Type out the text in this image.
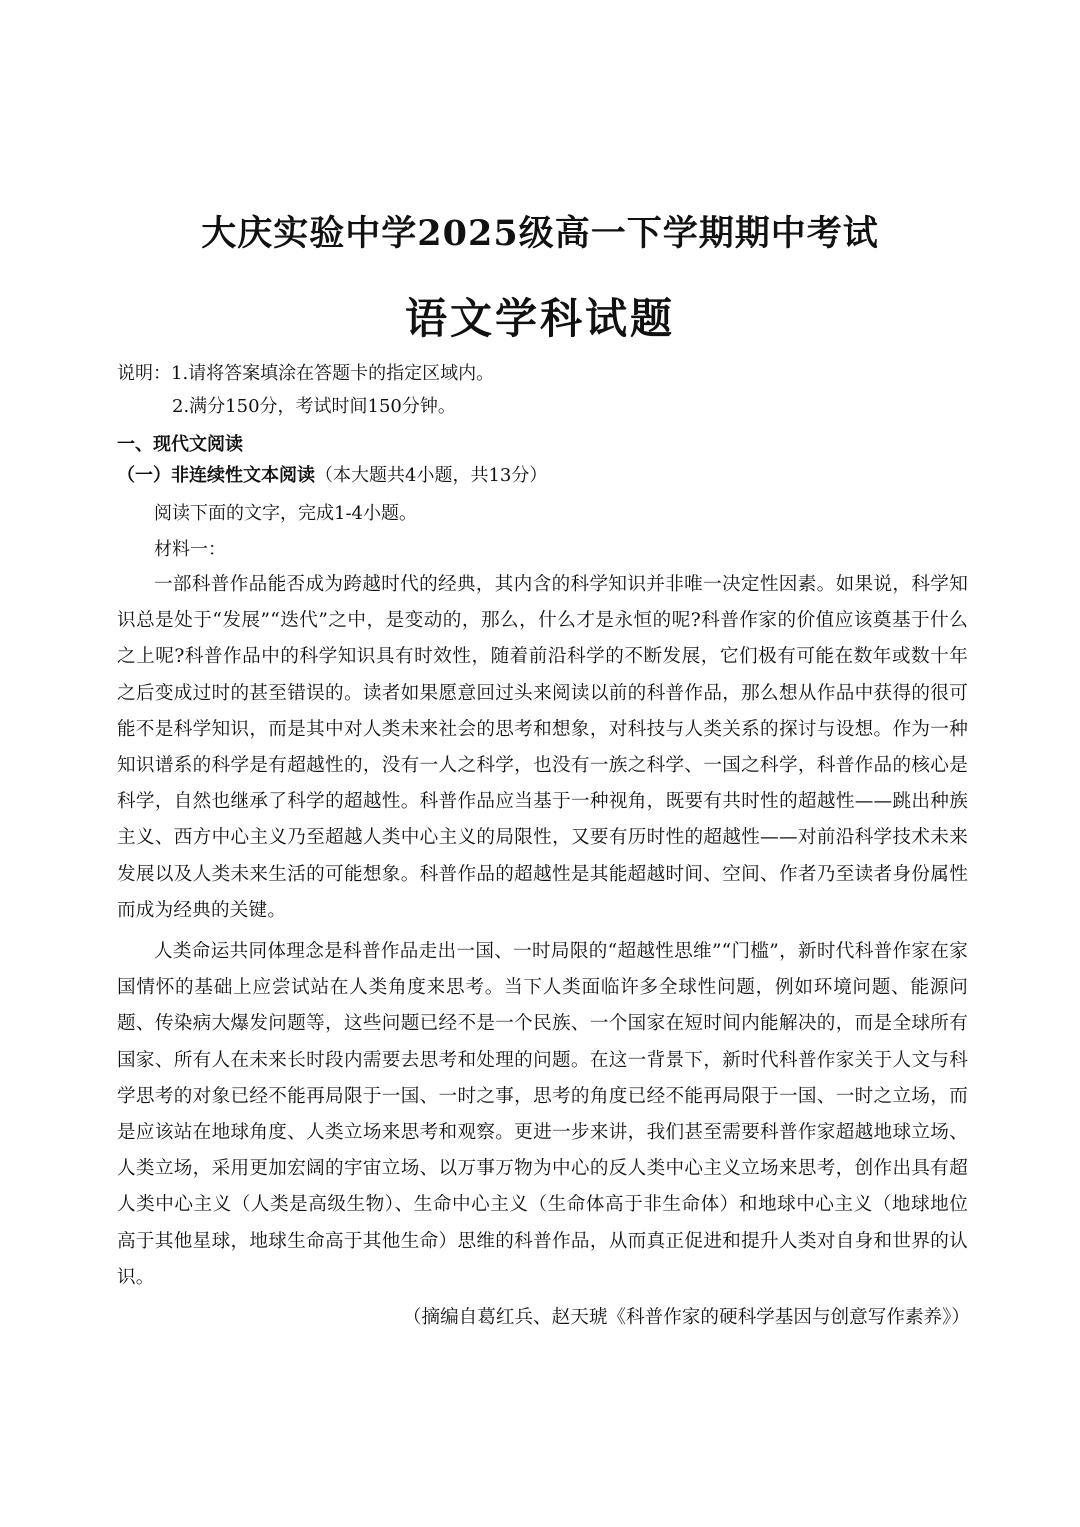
大庆实验中学2025级高一下学期期中考试
语文学科试题
说明：1.请将答案填涂在答题卡的指定区域内。
2.满分150分，考试时间150分钟。
一、现代文阅读
（一）非连续性文本阅读（本大题共4小题，共13分）
阅读下面的文字，完成1-4小题。
材料一：
一部科普作品能否成为跨越时代的经典，其内含的科学知识并非唯一决定性因素。如果说，科学知识总是处于“发展”“迭代”之中，是变动的，那么，什么才是永恒的呢?科普作家的价值应该奠基于什么之上呢?科普作品中的科学知识具有时效性，随着前沿科学的不断发展，它们极有可能在数年或数十年之后变成过时的甚至错误的。读者如果愿意回过头来阅读以前的科普作品，那么想从作品中获得的很可能不是科学知识，而是其中对人类未来社会的思考和想象，对科技与人类关系的探讨与设想。作为一种知识谱系的科学是有超越性的，没有一人之科学，也没有一族之科学、一国之科学，科普作品的核心是科学，自然也继承了科学的超越性。科普作品应当基于一种视角，既要有共时性的超越性——跳出种族主义、西方中心主义乃至超越人类中心主义的局限性，又要有历时性的超越性——对前沿科学技术未来发展以及人类未来生活的可能想象。科普作品的超越性是其能超越时间、空间、作者乃至读者身份属性而成为经典的关键。
人类命运共同体理念是科普作品走出一国、一时局限的“超越性思维”“门槛”，新时代科普作家在家国情怀的基础上应尝试站在人类角度来思考。当下人类面临许多全球性问题，例如环境问题、能源问题、传染病大爆发问题等，这些问题已经不是一个民族、一个国家在短时间内能解决的，而是全球所有国家、所有人在未来长时段内需要去思考和处理的问题。在这一背景下，新时代科普作家关于人文与科学思考的对象已经不能再局限于一国、一时之事，思考的角度已经不能再局限于一国、一时之立场，而是应该站在地球角度、人类立场来思考和观察。更进一步来讲，我们甚至需要科普作家超越地球立场、人类立场，采用更加宏阔的宇宙立场、以万事万物为中心的反人类中心主义立场来思考，创作出具有超人类中心主义（人类是高级生物）、生命中心主义（生命体高于非生命体）和地球中心主义（地球地位高于其他星球，地球生命高于其他生命）思维的科普作品，从而真正促进和提升人类对自身和世界的认识。
（摘编自葛红兵、赵天琥《科普作家的硬科学基因与创意写作素养》）
